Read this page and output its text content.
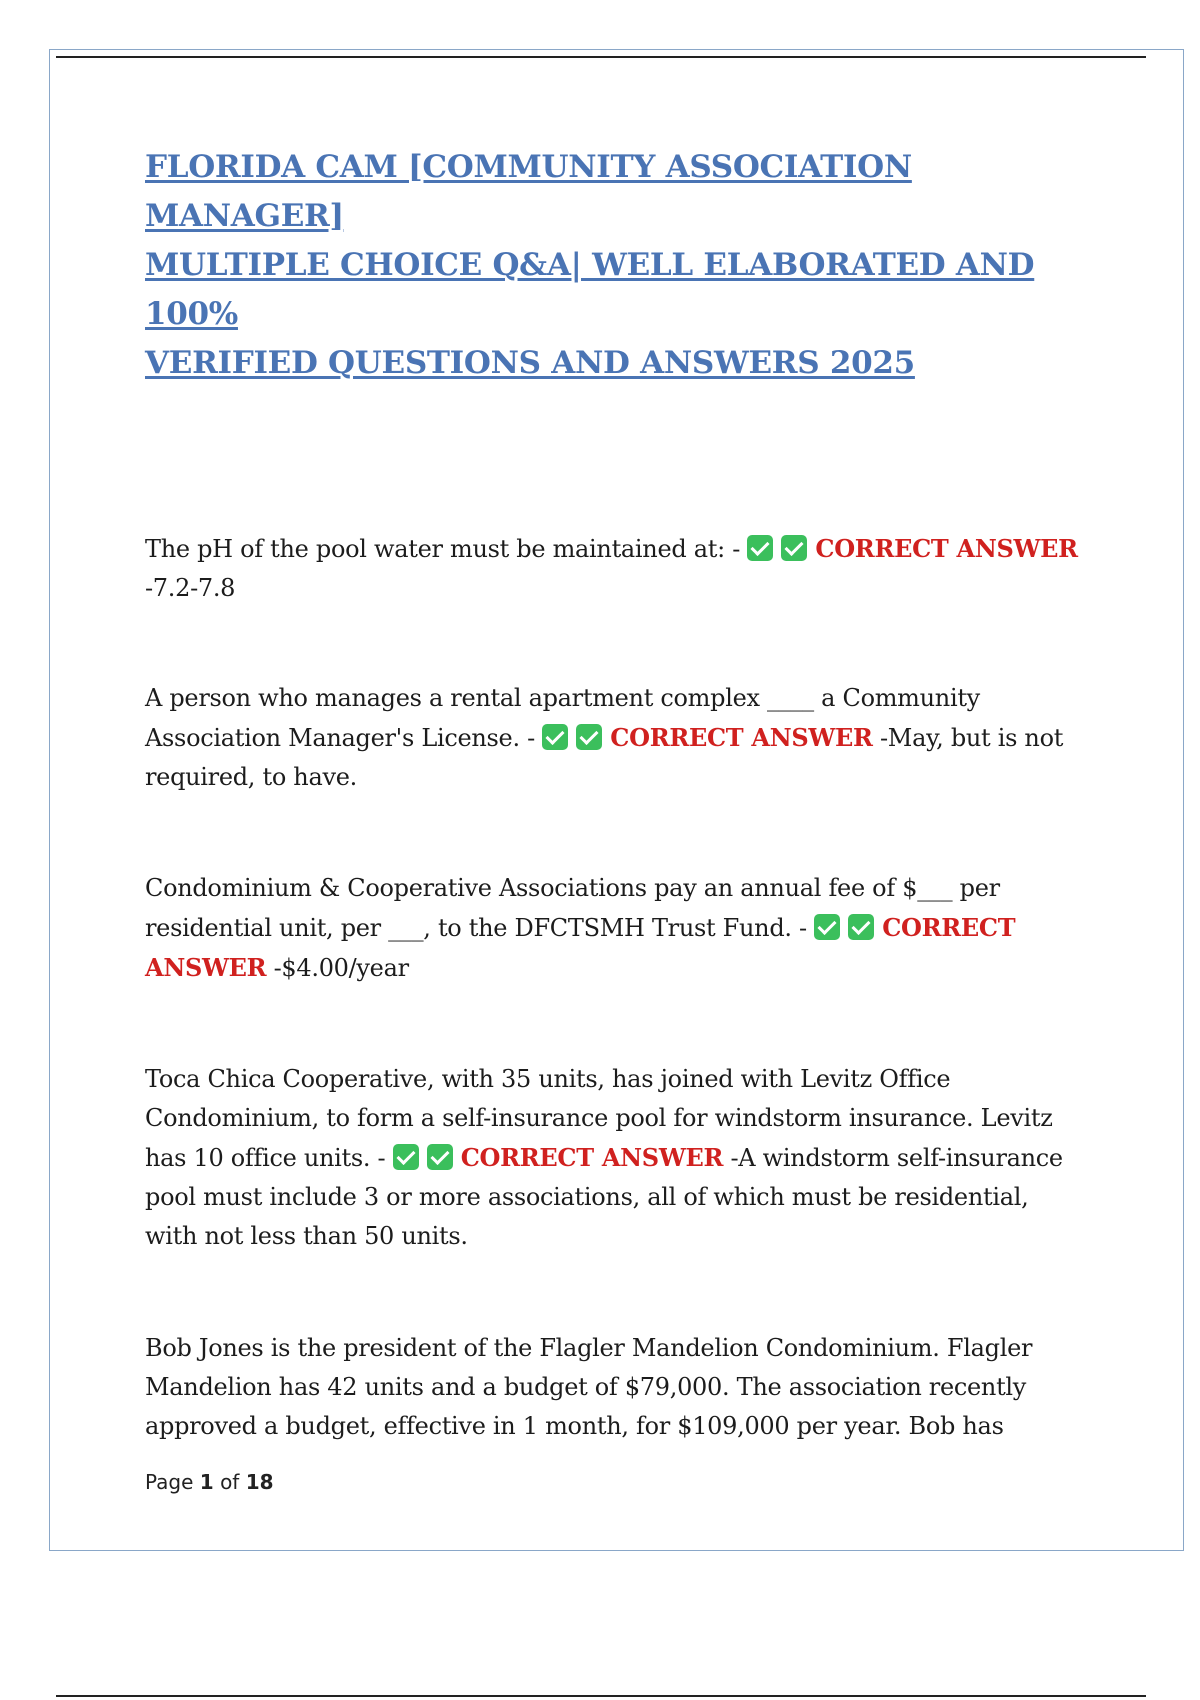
FLORIDA CAM [COMMUNITY ASSOCIATION MANAGER]
MULTIPLE CHOICE Q&A| WELL ELABORATED AND 100%
VERIFIED QUESTIONS AND ANSWERS 2025
The pH of the pool water must be maintained at: -	CORRECT ANSWER
-7.2-7.8
A person who manages a rental apartment complex ____ a Community
Association Manager's License. -	CORRECT ANSWER -May, but is not
required, to have.
Condominium & Cooperative Associations pay an annual fee of $___ per
residential unit, per ___, to the DFCTSMH Trust Fund. -	CORRECT
ANSWER -$4.00/year
Toca Chica Cooperative, with 35 units, has joined with Levitz Office
Condominium, to form a self-insurance pool for windstorm insurance. Levitz
has 10 office units. -	CORRECT ANSWER -A windstorm self-insurance
pool must include 3 or more associations, all of which must be residential,
with not less than 50 units.
Bob Jones is the president of the Flagler Mandelion Condominium. Flagler
Mandelion has 42 units and a budget of $79,000. The association recently
approved a budget, effective in 1 month, for $109,000 per year. Bob has
Page 1 of 18
